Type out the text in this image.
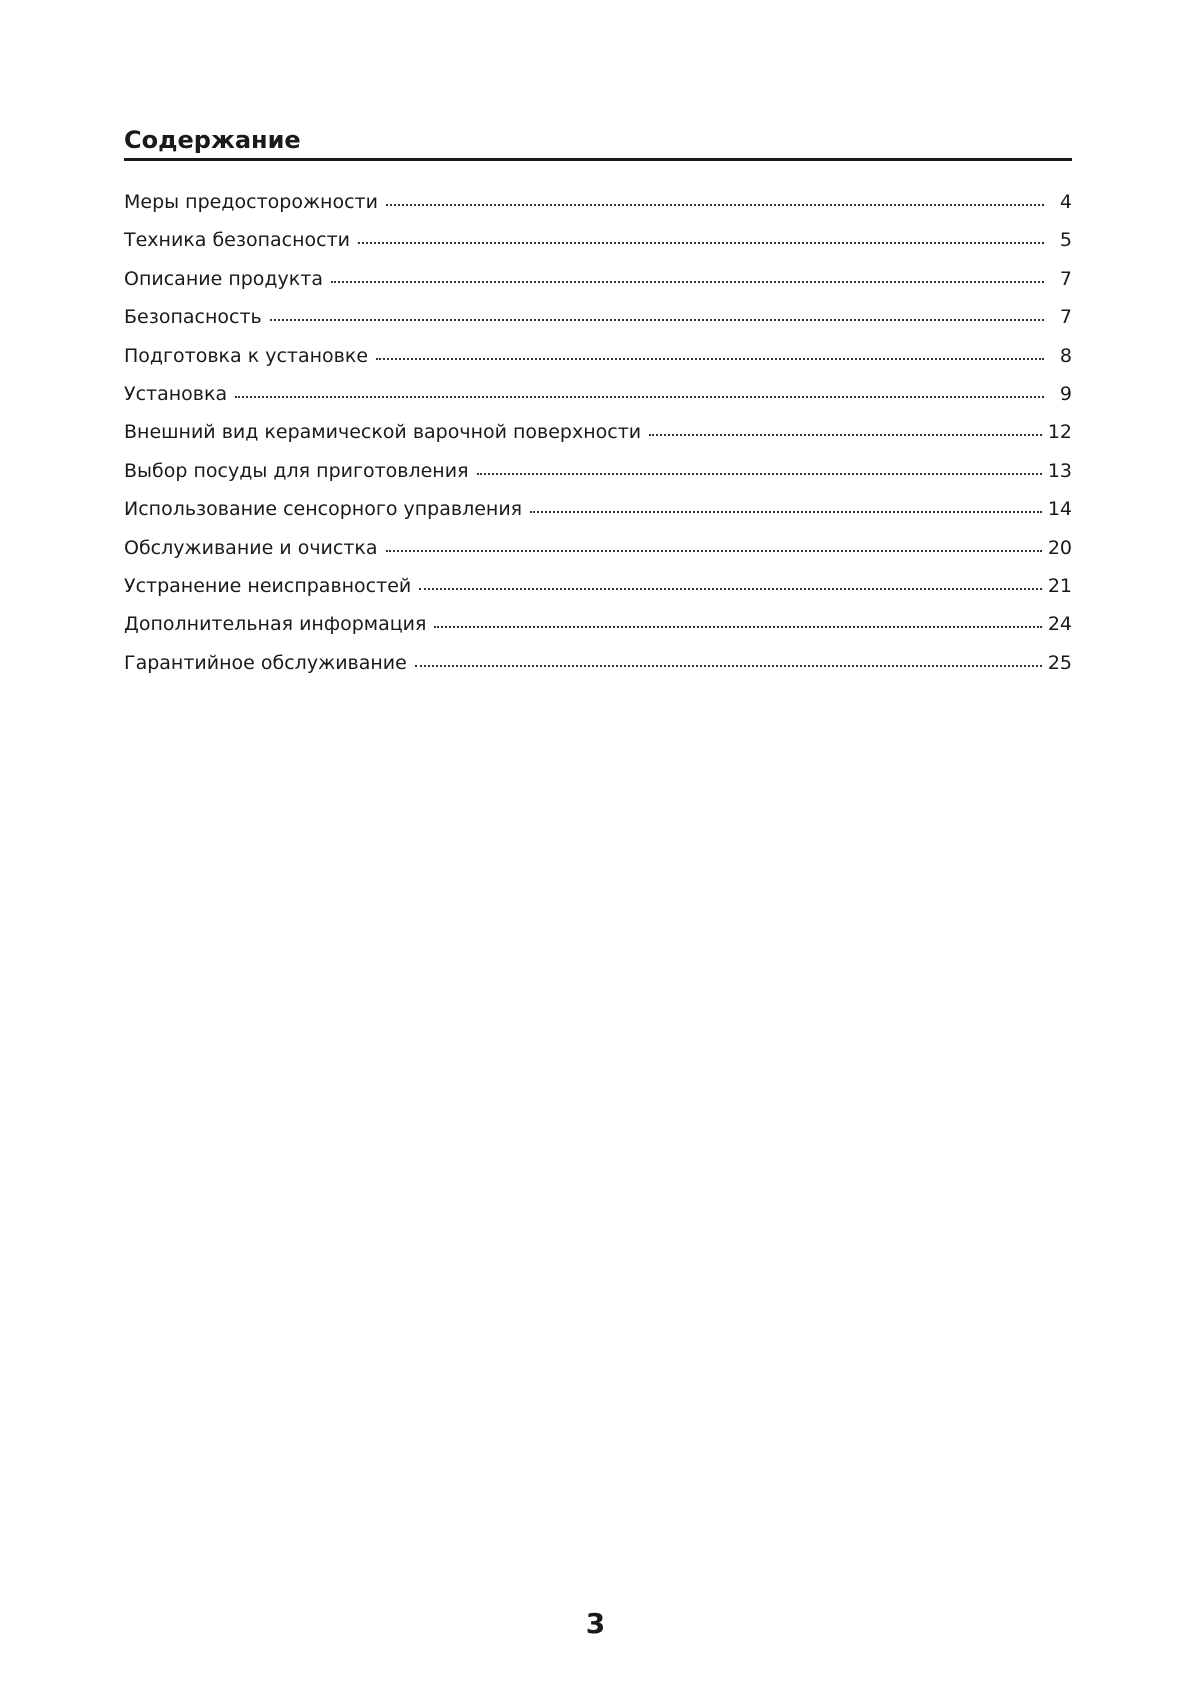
Содержание
Меры предосторожности	4
Техника безопасности	5
Описание продукта	7
Безопасность	7
Подготовка к установке	8
Установка	9
Внешний вид керамической варочной поверхности	12
Выбор посуды для приготовления	13
Использование сенсорного управления	14
Обслуживание и очистка	20
Устранение неисправностей	21
Дополнительная информация	24
Гарантийное обслуживание	25
3
